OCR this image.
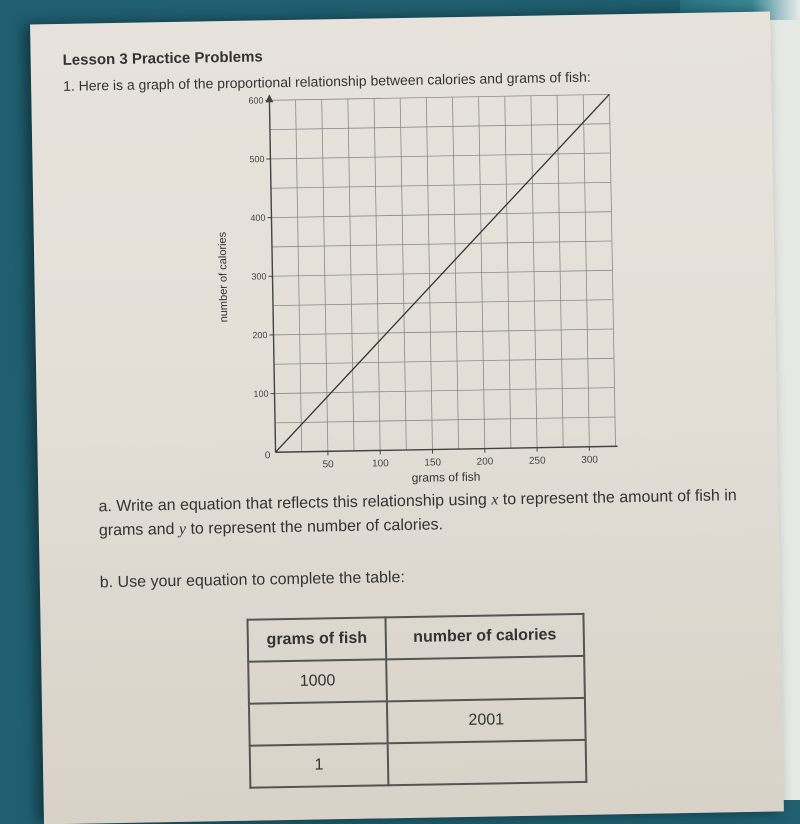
Lesson 3 Practice Problems
1. Here is a graph of the proportional relationship between calories and grams of fish:
50	100	150	200	250	300
100
200
300
400
500
600
0
grams of fish
number of calories
a. Write an equation that reflects this relationship using x to represent the amount of fish in grams and y to represent the number of calories.
b. Use your equation to complete the table:
grams of fish	number of calories
1000	
	2001
1	
